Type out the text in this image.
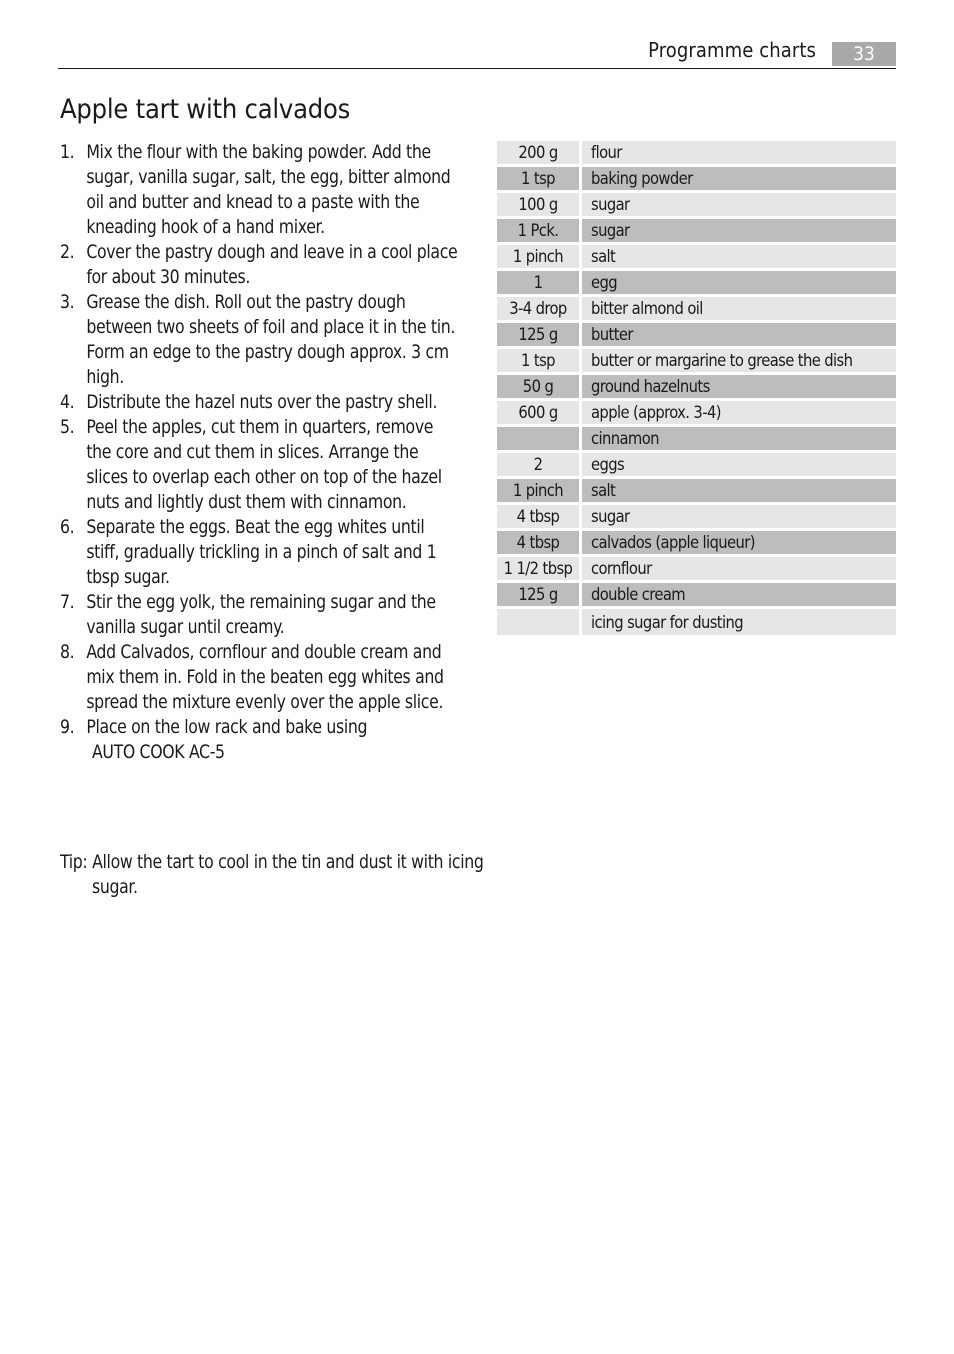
Programme charts	33
Apple tart with calvados
1. Mix the flour with the baking powder. Add the sugar, vanilla sugar, salt, the egg, bitter almond oil and butter and knead to a paste with the kneading hook of a hand mixer.
2. Cover the pastry dough and leave in a cool place for about 30 minutes.
3. Grease the dish. Roll out the pastry dough between two sheets of foil and place it in the tin. Form an edge to the pastry dough approx. 3 cm high.
4. Distribute the hazel nuts over the pastry shell.
5. Peel the apples, cut them in quarters, remove the core and cut them in slices. Arrange the slices to overlap each other on top of the hazel nuts and lightly dust them with cinnamon.
6. Separate the eggs. Beat the egg whites until stiff, gradually trickling in a pinch of salt and 1 tbsp sugar.
7. Stir the egg yolk, the remaining sugar and the vanilla sugar until creamy.
8. Add Calvados, cornflour and double cream and mix them in. Fold in the beaten egg whites and spread the mixture evenly over the apple slice.
9. Place on the low rack and bake using
AUTO COOK AC-5
Tip: Allow the tart to cool in the tin and dust it with icing sugar.
200 g		flour
1 tsp		baking powder
100 g		sugar
1 Pck.		sugar
1 pinch		salt
1		egg
3-4 drop		bitter almond oil
125 g		butter
1 tsp		butter or margarine to grease the dish
50 g		ground hazelnuts
600 g		apple (approx. 3-4)
		cinnamon
2		eggs
1 pinch		salt
4 tbsp		sugar
4 tbsp		calvados (apple liqueur)
1 1/2 tbsp		cornflour
125 g		double cream
		icing sugar for dusting
